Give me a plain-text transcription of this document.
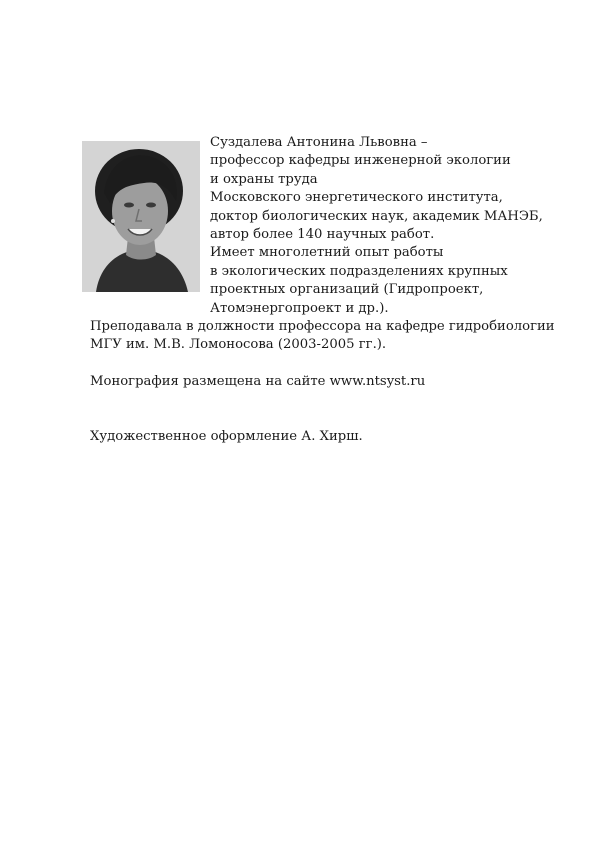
Суздалева Антонина Львовна –
профессор кафедры инженерной экологии
и охраны труда
Московского энергетического института,
доктор биологических наук, академик МАНЭБ,
автор более 140 научных работ.
Имеет многолетний опыт работы
в экологических подразделениях крупных
проектных организаций (Гидропроект,
Атомэнергопроект и др.).
Преподавала в должности профессора на кафедре гидробиологии
МГУ им. М.В. Ломоносова (2003-2005 гг.).
Монография размещена на сайте www.ntsyst.ru
Художественное оформление А. Хирш.
